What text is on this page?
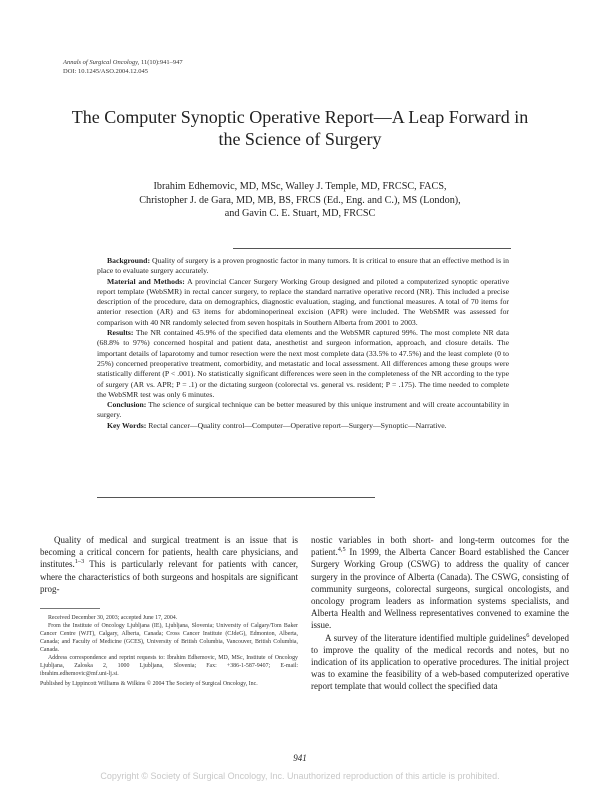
Annals of Surgical Oncology, 11(10):941–947
DOI: 10.1245/ASO.2004.12.045
The Computer Synoptic Operative Report—A Leap Forward in
the Science of Surgery
Ibrahim Edhemovic, MD, MSc, Walley J. Temple, MD, FRCSC, FACS,
Christopher J. de Gara, MD, MB, BS, FRCS (Ed., Eng. and C.), MS (London),
and Gavin C. E. Stuart, MD, FRCSC

Background: Quality of surgery is a proven prognostic factor in many tumors. It is critical to ensure that an effective method is in place to evaluate surgery accurately.

Material and Methods: A provincial Cancer Surgery Working Group designed and piloted a computerized synoptic operative report template (WebSMR) in rectal cancer surgery, to replace the standard narrative operative record (NR). This included a precise description of the procedure, data on demographics, diagnostic evaluation, staging, and functional measures. A total of 70 items for anterior resection (AR) and 63 items for abdominoperineal excision (APR) were included. The WebSMR was assessed for comparison with 40 NR randomly selected from seven hospitals in Southern Alberta from 2001 to 2003.

Results: The NR contained 45.9% of the specified data elements and the WebSMR captured 99%. The most complete NR data (68.8% to 97%) concerned hospital and patient data, anesthetist and surgeon information, approach, and closure details. The important details of laparotomy and tumor resection were the next most complete data (33.5% to 47.5%) and the least complete (0 to 25%) concerned preoperative treatment, comorbidity, and metastatic and local assessment. All differences among these groups were statistically different (P < .001). No statistically significant differences were seen in the completeness of the NR according to the type of surgery (AR vs. APR; P = .1) or the dictating surgeon (colorectal vs. general vs. resident; P = .175). The time needed to complete the WebSMR test was only 6 minutes.

Conclusion: The science of surgical technique can be better measured by this unique instrument and will create accountability in surgery.

Key Words: Rectal cancer—Quality control—Computer—Operative report—Surgery—Synoptic—Narrative.

Quality of medical and surgical treatment is an issue that is becoming a critical concern for patients, health care physicians, and institutes.$^{1-3}$ This is particularly relevant for patients with cancer, where the characteristics of both surgeons and hospitals are significant prog-

Received December 30, 2003; accepted June 17, 2004.

From the Institute of Oncology Ljubljana (IE), Ljubljana, Slovenia; University of Calgary/Tom Baker Cancer Centre (WJT), Calgary, Alberta, Canada; Cross Cancer Institute (CJdeG), Edmonton, Alberta, Canada; and Faculty of Medicine (GCES), University of British Columbia, Vancouver, British Columbia, Canada.

Address correspondence and reprint requests to: Ibrahim Edhemovic, MD, MSc, Institute of Oncology Ljubljana, Zaloska 2, 1000 Ljubljana, Slovenia; Fax: +386-1-587-9407; E-mail: ibrahim.edhemovic@mf.uni-lj.si.

Published by Lippincott Williams & Wilkins © 2004 The Society of Surgical Oncology, Inc.

nostic variables in both short- and long-term outcomes for the patient.$^{4,5}$ In 1999, the Alberta Cancer Board established the Cancer Surgery Working Group (CSWG) to address the quality of cancer surgery in the province of Alberta (Canada). The CSWG, consisting of community surgeons, colorectal surgeons, surgical oncologists, and oncology program leaders as information systems specialists, and Alberta Health and Wellness representatives convened to examine the issue.

A survey of the literature identified multiple guidelines$^6$ developed to improve the quality of the medical records and notes, but no indication of its application to operative procedures. The initial project was to examine the feasibility of a web-based computerized operative report template that would collect the specified data

941
Copyright © Society of Surgical Oncology, Inc. Unauthorized reproduction of this article is prohibited.
